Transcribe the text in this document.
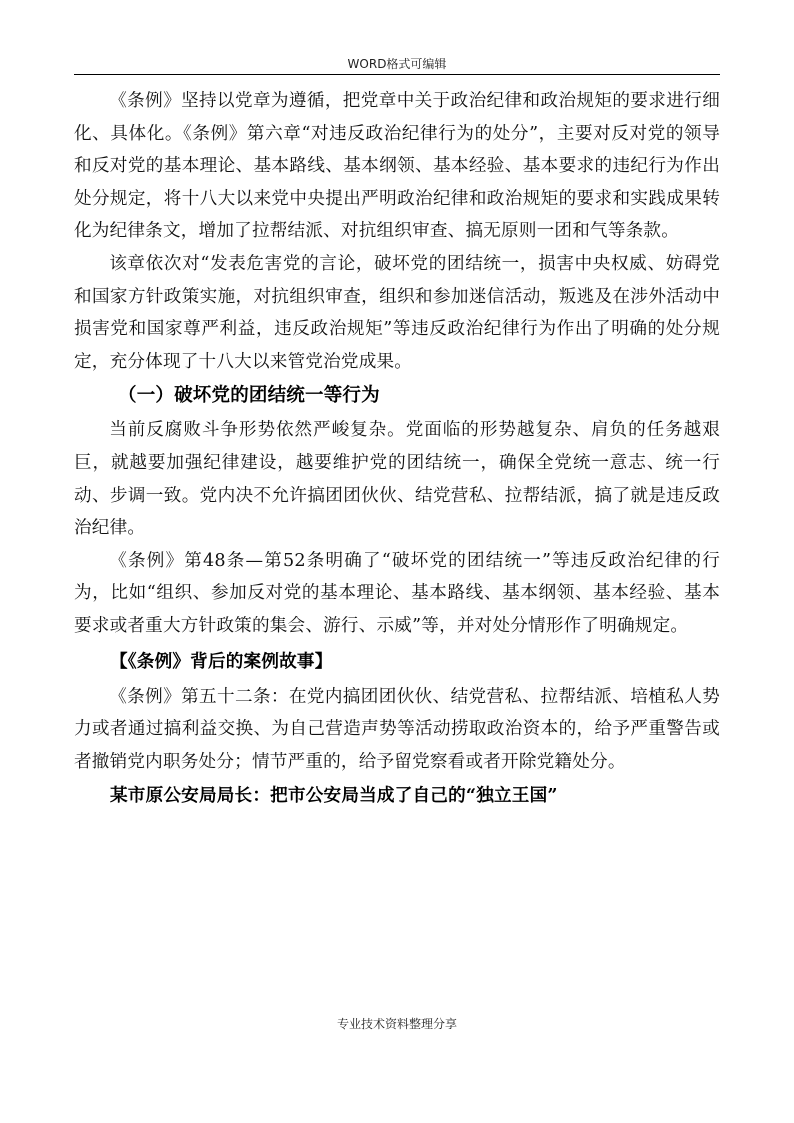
WORD格式可编辑

《条例》坚持以党章为遵循，把党章中关于政治纪律和政治规矩的要求进行细化、具体化。《条例》第六章“对违反政治纪律行为的处分”，主要对反对党的领导和反对党的基本理论、基本路线、基本纲领、基本经验、基本要求的违纪行为作出处分规定，将十八大以来党中央提出严明政治纪律和政治规矩的要求和实践成果转化为纪律条文，增加了拉帮结派、对抗组织审查、搞无原则一团和气等条款。

该章依次对“发表危害党的言论，破坏党的团结统一，损害中央权威、妨碍党和国家方针政策实施，对抗组织审查，组织和参加迷信活动，叛逃及在涉外活动中损害党和国家尊严利益，违反政治规矩”等违反政治纪律行为作出了明确的处分规定，充分体现了十八大以来管党治党成果。

（一）破坏党的团结统一等行为

当前反腐败斗争形势依然严峻复杂。党面临的形势越复杂、肩负的任务越艰巨，就越要加强纪律建设，越要维护党的团结统一，确保全党统一意志、统一行动、步调一致。党内决不允许搞团团伙伙、结党营私、拉帮结派，搞了就是违反政治纪律。

《条例》第48条—第52条明确了“破坏党的团结统一”等违反政治纪律的行为，比如“组织、参加反对党的基本理论、基本路线、基本纲领、基本经验、基本要求或者重大方针政策的集会、游行、示威”等，并对处分情形作了明确规定。

【《条例》背后的案例故事】

《条例》第五十二条：在党内搞团团伙伙、结党营私、拉帮结派、培植私人势力或者通过搞利益交换、为自己营造声势等活动捞取政治资本的，给予严重警告或者撤销党内职务处分；情节严重的，给予留党察看或者开除党籍处分。

某市原公安局局长：把市公安局当成了自己的“独立王国”

专业技术资料整理分享
